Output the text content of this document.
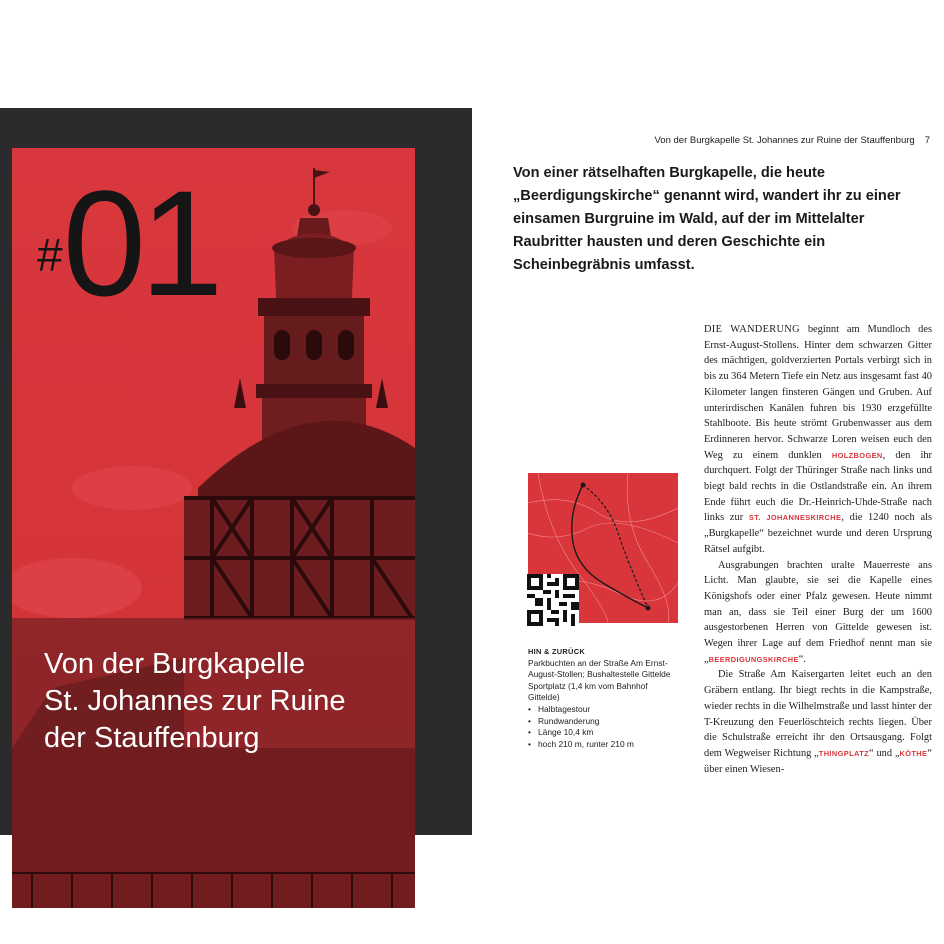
#01
Von der Burgkapelle
St. Johannes zur Ruine
der Stauffenburg
Von der Burgkapelle St. Johannes zur Ruine der Stauffenburg 7
Von einer rätselhaften Burgkapelle, die heute „Beerdigungskirche“ genannt wird, wandert ihr zu einer einsamen Burgruine im Wald, auf der im Mittelalter Raubritter hausten und deren Geschichte ein Scheinbegräbnis umfasst.
HIN & ZURÜCK
Parkbuchten an der Straße Am Ernst-August-Stollen; Bushaltestelle Gittelde Sportplatz (1,4 km vom Bahnhof Gittelde)
• Halbtagestour
• Rundwanderung
• Länge 10,4 km
• hoch 210 m, runter 210 m

DIE WANDERUNG beginnt am Mundloch des Ernst-August-Stollens. Hinter dem schwarzen Gitter des mächtigen, goldverzierten Portals verbirgt sich in bis zu 364 Metern Tiefe ein Netz aus insgesamt fast 40 Kilometer langen finsteren Gängen und Gruben. Auf unterirdischen Kanälen fuhren bis 1930 erzgefüllte Stahlboote. Bis heute strömt Grubenwasser aus dem Erdinneren hervor. Schwarze Loren weisen euch den Weg zu einem dunklen HOLZBOGEN, den ihr durchquert. Folgt der Thüringer Straße nach links und biegt bald rechts in die Ostlandstraße ein. An ihrem Ende führt euch die Dr.-Heinrich-Uhde-Straße nach links zur ST. JOHANNESKIRCHE, die 1240 noch als „Burgkapelle“ bezeichnet wurde und deren Ursprung Rätsel aufgibt.

Ausgrabungen brachten uralte Mauerreste ans Licht. Man glaubte, sie sei die Kapelle eines Königshofs oder einer Pfalz gewesen. Heute nimmt man an, dass sie Teil einer Burg der um 1600 ausgestorbenen Herren von Gittelde gewesen ist. Wegen ihrer Lage auf dem Friedhof nennt man sie „BEERDIGUNGSKIRCHE“.

Die Straße Am Kaisergarten leitet euch an den Gräbern entlang. Ihr biegt rechts in die Kampstraße, wieder rechts in die Wilhelmstraße und lasst hinter der T-Kreuzung den Feuerlöschteich rechts liegen. Über die Schulstraße erreicht ihr den Ortsausgang. Folgt dem Wegweiser Richtung „THINGPLATZ“ und „KÖTHE“ über einen Wiesen-
